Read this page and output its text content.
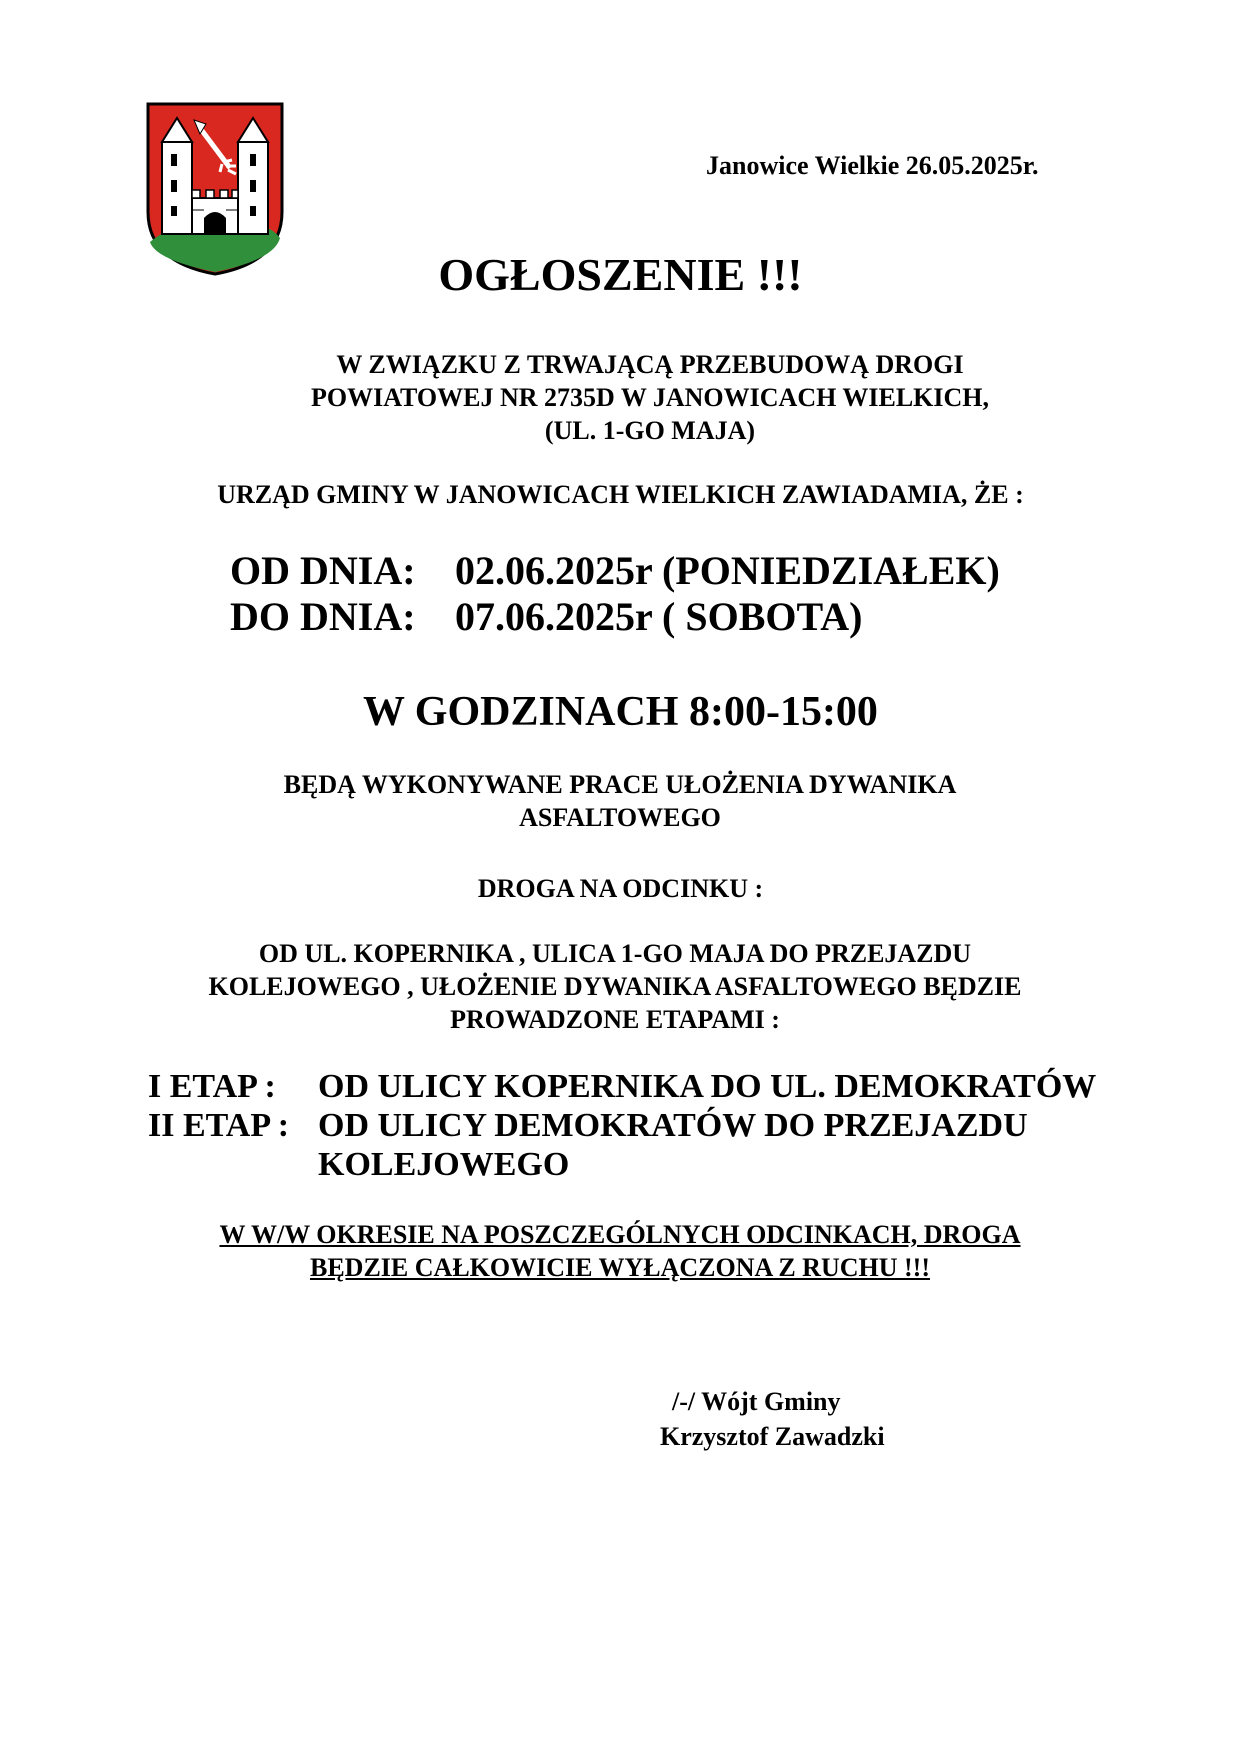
Janowice Wielkie 26.05.2025r.
OGŁOSZENIE !!!
W ZWIĄZKU Z TRWAJĄCĄ PRZEBUDOWĄ DROGI
POWIATOWEJ NR 2735D W JANOWICACH WIELKICH,
(UL. 1-GO MAJA)
URZĄD GMINY W JANOWICACH WIELKICH ZAWIADAMIA, ŻE :
OD DNIA: 02.06.2025r (PONIEDZIAŁEK)
DO DNIA: 07.06.2025r ( SOBOTA)
W GODZINACH 8:00-15:00
BĘDĄ WYKONYWANE PRACE UŁOŻENIA DYWANIKA
ASFALTOWEGO
DROGA NA ODCINKU :
OD UL. KOPERNIKA , ULICA 1-GO MAJA DO PRZEJAZDU
KOLEJOWEGO , UŁOŻENIE DYWANIKA ASFALTOWEGO BĘDZIE
PROWADZONE ETAPAMI :
I ETAP : OD ULICY KOPERNIKA DO UL. DEMOKRATÓW
II ETAP : OD ULICY DEMOKRATÓW DO PRZEJAZDU
KOLEJOWEGO
W W/W OKRESIE NA POSZCZEGÓLNYCH ODCINKACH, DROGA
BĘDZIE CAŁKOWICIE WYŁĄCZONA Z RUCHU !!!
/-/ Wójt Gminy
Krzysztof Zawadzki
